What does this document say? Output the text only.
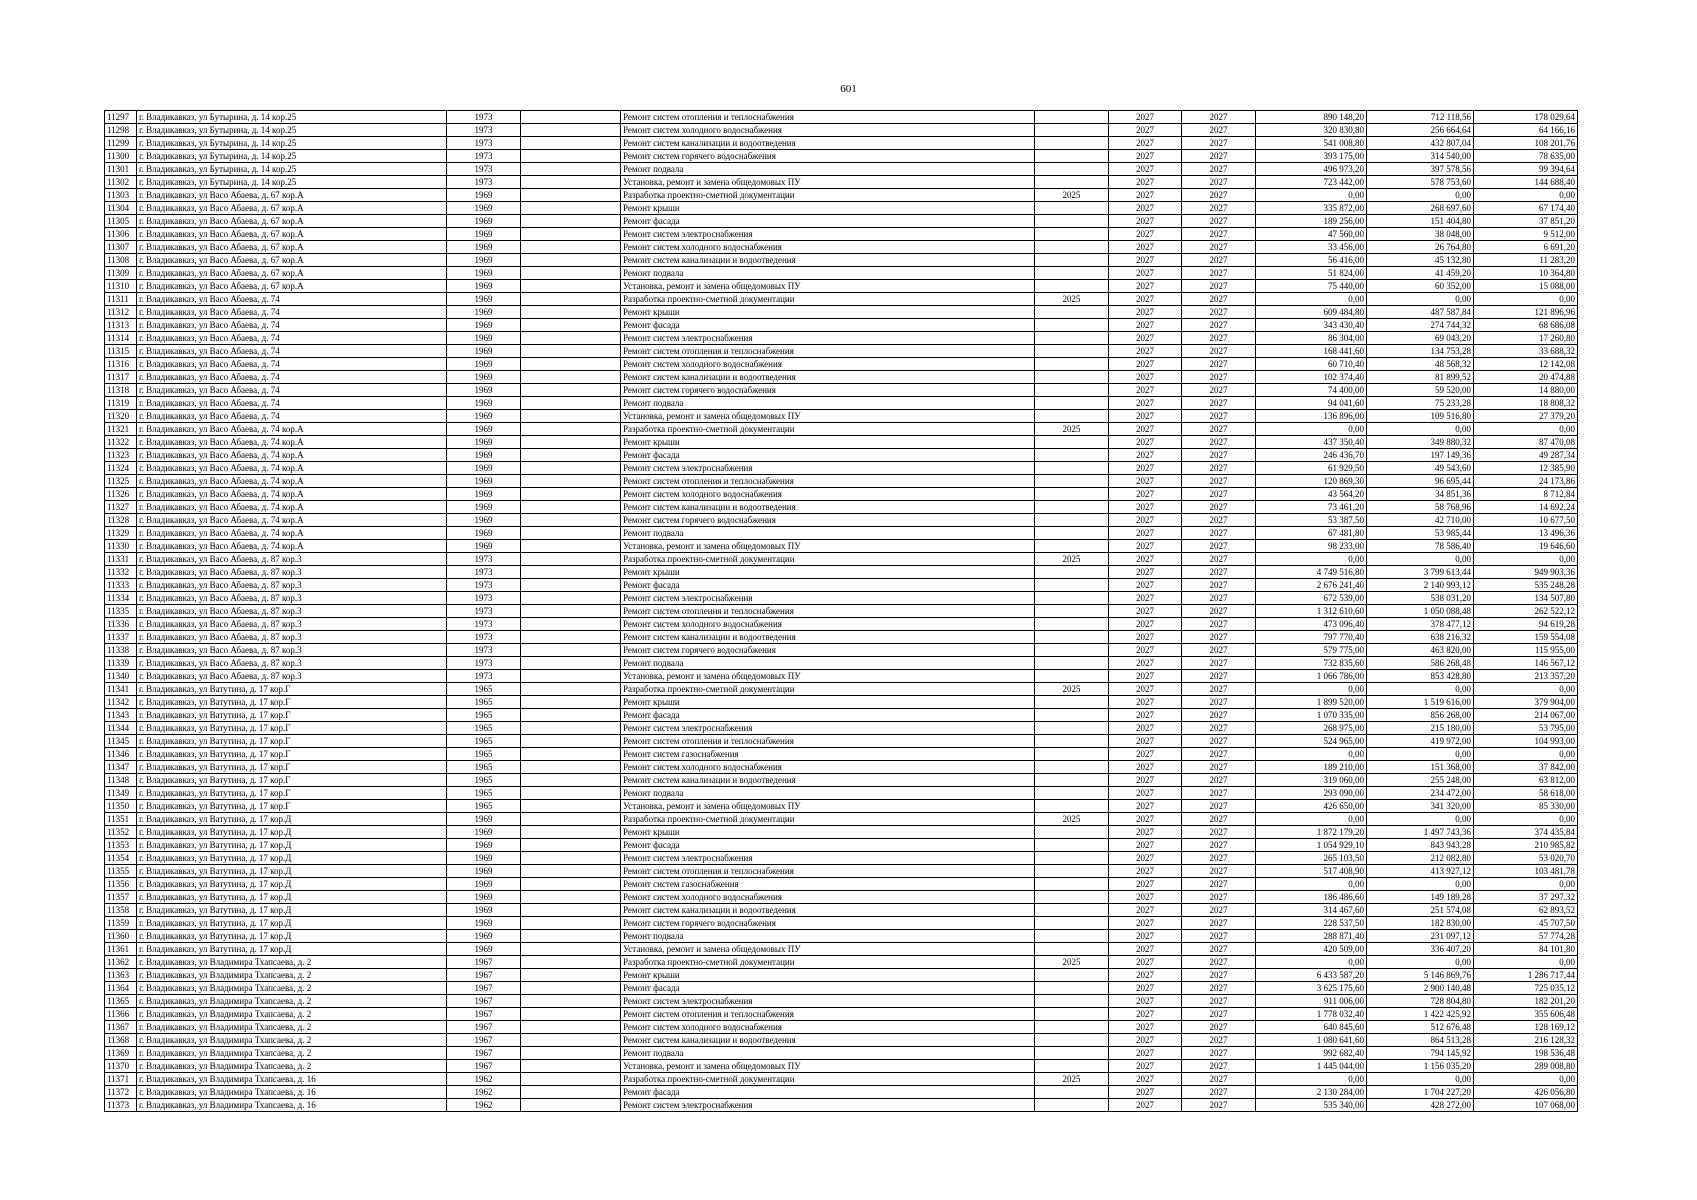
601
11297	г. Владикавказ, ул Бутырина, д. 14 кор.25	1973		Ремонт систем отопления и теплоснабжения		2027	2027	890 148,20	712 118,56	178 029,64
11298	г. Владикавказ, ул Бутырина, д. 14 кор.25	1973		Ремонт систем холодного водоснабжения		2027	2027	320 830,80	256 664,64	64 166,16
11299	г. Владикавказ, ул Бутырина, д. 14 кор.25	1973		Ремонт систем канализации и водоотведения		2027	2027	541 008,80	432 807,04	108 201,76
11300	г. Владикавказ, ул Бутырина, д. 14 кор.25	1973		Ремонт систем горячего водоснабжения		2027	2027	393 175,00	314 540,00	78 635,00
11301	г. Владикавказ, ул Бутырина, д. 14 кор.25	1973		Ремонт подвала		2027	2027	496 973,20	397 578,56	99 394,64
11302	г. Владикавказ, ул Бутырина, д. 14 кор.25	1973		Установка, ремонт и замена общедомовых ПУ		2027	2027	723 442,00	578 753,60	144 688,40
11303	г. Владикавказ, ул Васо Абаева, д. 67 кор.А	1969		Разработка проектно-сметной документации	2025	2027	2027	0,00	0,00	0,00
11304	г. Владикавказ, ул Васо Абаева, д. 67 кор.А	1969		Ремонт крыши		2027	2027	335 872,00	268 697,60	67 174,40
11305	г. Владикавказ, ул Васо Абаева, д. 67 кор.А	1969		Ремонт фасада		2027	2027	189 256,00	151 404,80	37 851,20
11306	г. Владикавказ, ул Васо Абаева, д. 67 кор.А	1969		Ремонт систем электроснабжения		2027	2027	47 560,00	38 048,00	9 512,00
11307	г. Владикавказ, ул Васо Абаева, д. 67 кор.А	1969		Ремонт систем холодного водоснабжения		2027	2027	33 456,00	26 764,80	6 691,20
11308	г. Владикавказ, ул Васо Абаева, д. 67 кор.А	1969		Ремонт систем канализации и водоотведения		2027	2027	56 416,00	45 132,80	11 283,20
11309	г. Владикавказ, ул Васо Абаева, д. 67 кор.А	1969		Ремонт подвала		2027	2027	51 824,00	41 459,20	10 364,80
11310	г. Владикавказ, ул Васо Абаева, д. 67 кор.А	1969		Установка, ремонт и замена общедомовых ПУ		2027	2027	75 440,00	60 352,00	15 088,00
11311	г. Владикавказ, ул Васо Абаева, д. 74	1969		Разработка проектно-сметной документации	2025	2027	2027	0,00	0,00	0,00
11312	г. Владикавказ, ул Васо Абаева, д. 74	1969		Ремонт крыши		2027	2027	609 484,80	487 587,84	121 896,96
11313	г. Владикавказ, ул Васо Абаева, д. 74	1969		Ремонт фасада		2027	2027	343 430,40	274 744,32	68 686,08
11314	г. Владикавказ, ул Васо Абаева, д. 74	1969		Ремонт систем электроснабжения		2027	2027	86 304,00	69 043,20	17 260,80
11315	г. Владикавказ, ул Васо Абаева, д. 74	1969		Ремонт систем отопления и теплоснабжения		2027	2027	168 441,60	134 753,28	33 688,32
11316	г. Владикавказ, ул Васо Абаева, д. 74	1969		Ремонт систем холодного водоснабжения		2027	2027	60 710,40	48 568,32	12 142,08
11317	г. Владикавказ, ул Васо Абаева, д. 74	1969		Ремонт систем канализации и водоотведения		2027	2027	102 374,40	81 899,52	20 474,88
11318	г. Владикавказ, ул Васо Абаева, д. 74	1969		Ремонт систем горячего водоснабжения		2027	2027	74 400,00	59 520,00	14 880,00
11319	г. Владикавказ, ул Васо Абаева, д. 74	1969		Ремонт подвала		2027	2027	94 041,60	75 233,28	18 808,32
11320	г. Владикавказ, ул Васо Абаева, д. 74	1969		Установка, ремонт и замена общедомовых ПУ		2027	2027	136 896,00	109 516,80	27 379,20
11321	г. Владикавказ, ул Васо Абаева, д. 74 кор.А	1969		Разработка проектно-сметной документации	2025	2027	2027	0,00	0,00	0,00
11322	г. Владикавказ, ул Васо Абаева, д. 74 кор.А	1969		Ремонт крыши		2027	2027	437 350,40	349 880,32	87 470,08
11323	г. Владикавказ, ул Васо Абаева, д. 74 кор.А	1969		Ремонт фасада		2027	2027	246 436,70	197 149,36	49 287,34
11324	г. Владикавказ, ул Васо Абаева, д. 74 кор.А	1969		Ремонт систем электроснабжения		2027	2027	61 929,50	49 543,60	12 385,90
11325	г. Владикавказ, ул Васо Абаева, д. 74 кор.А	1969		Ремонт систем отопления и теплоснабжения		2027	2027	120 869,30	96 695,44	24 173,86
11326	г. Владикавказ, ул Васо Абаева, д. 74 кор.А	1969		Ремонт систем холодного водоснабжения		2027	2027	43 564,20	34 851,36	8 712,84
11327	г. Владикавказ, ул Васо Абаева, д. 74 кор.А	1969		Ремонт систем канализации и водоотведения		2027	2027	73 461,20	58 768,96	14 692,24
11328	г. Владикавказ, ул Васо Абаева, д. 74 кор.А	1969		Ремонт систем горячего водоснабжения		2027	2027	53 387,50	42 710,00	10 677,50
11329	г. Владикавказ, ул Васо Абаева, д. 74 кор.А	1969		Ремонт подвала		2027	2027	67 481,80	53 985,44	13 496,36
11330	г. Владикавказ, ул Васо Абаева, д. 74 кор.А	1969		Установка, ремонт и замена общедомовых ПУ		2027	2027	98 233,00	78 586,40	19 646,60
11331	г. Владикавказ, ул Васо Абаева, д. 87 кор.3	1973		Разработка проектно-сметной документации	2025	2027	2027	0,00	0,00	0,00
11332	г. Владикавказ, ул Васо Абаева, д. 87 кор.3	1973		Ремонт крыши		2027	2027	4 749 516,80	3 799 613,44	949 903,36
11333	г. Владикавказ, ул Васо Абаева, д. 87 кор.3	1973		Ремонт фасада		2027	2027	2 676 241,40	2 140 993,12	535 248,28
11334	г. Владикавказ, ул Васо Абаева, д. 87 кор.3	1973		Ремонт систем электроснабжения		2027	2027	672 539,00	538 031,20	134 507,80
11335	г. Владикавказ, ул Васо Абаева, д. 87 кор.3	1973		Ремонт систем отопления и теплоснабжения		2027	2027	1 312 610,60	1 050 088,48	262 522,12
11336	г. Владикавказ, ул Васо Абаева, д. 87 кор.3	1973		Ремонт систем холодного водоснабжения		2027	2027	473 096,40	378 477,12	94 619,28
11337	г. Владикавказ, ул Васо Абаева, д. 87 кор.3	1973		Ремонт систем канализации и водоотведения		2027	2027	797 770,40	638 216,32	159 554,08
11338	г. Владикавказ, ул Васо Абаева, д. 87 кор.3	1973		Ремонт систем горячего водоснабжения		2027	2027	579 775,00	463 820,00	115 955,00
11339	г. Владикавказ, ул Васо Абаева, д. 87 кор.3	1973		Ремонт подвала		2027	2027	732 835,60	586 268,48	146 567,12
11340	г. Владикавказ, ул Васо Абаева, д. 87 кор.3	1973		Установка, ремонт и замена общедомовых ПУ		2027	2027	1 066 786,00	853 428,80	213 357,20
11341	г. Владикавказ, ул Ватутина, д. 17 кор.Г	1965		Разработка проектно-сметной документации	2025	2027	2027	0,00	0,00	0,00
11342	г. Владикавказ, ул Ватутина, д. 17 кор.Г	1965		Ремонт крыши		2027	2027	1 899 520,00	1 519 616,00	379 904,00
11343	г. Владикавказ, ул Ватутина, д. 17 кор.Г	1965		Ремонт фасада		2027	2027	1 070 335,00	856 268,00	214 067,00
11344	г. Владикавказ, ул Ватутина, д. 17 кор.Г	1965		Ремонт систем электроснабжения		2027	2027	268 975,00	215 180,00	53 795,00
11345	г. Владикавказ, ул Ватутина, д. 17 кор.Г	1965		Ремонт систем отопления и теплоснабжения		2027	2027	524 965,00	419 972,00	104 993,00
11346	г. Владикавказ, ул Ватутина, д. 17 кор.Г	1965		Ремонт систем газоснабжения		2027	2027	0,00	0,00	0,00
11347	г. Владикавказ, ул Ватутина, д. 17 кор.Г	1965		Ремонт систем холодного водоснабжения		2027	2027	189 210,00	151 368,00	37 842,00
11348	г. Владикавказ, ул Ватутина, д. 17 кор.Г	1965		Ремонт систем канализации и водоотведения		2027	2027	319 060,00	255 248,00	63 812,00
11349	г. Владикавказ, ул Ватутина, д. 17 кор.Г	1965		Ремонт подвала		2027	2027	293 090,00	234 472,00	58 618,00
11350	г. Владикавказ, ул Ватутина, д. 17 кор.Г	1965		Установка, ремонт и замена общедомовых ПУ		2027	2027	426 650,00	341 320,00	85 330,00
11351	г. Владикавказ, ул Ватутина, д. 17 кор.Д	1969		Разработка проектно-сметной документации	2025	2027	2027	0,00	0,00	0,00
11352	г. Владикавказ, ул Ватутина, д. 17 кор.Д	1969		Ремонт крыши		2027	2027	1 872 179,20	1 497 743,36	374 435,84
11353	г. Владикавказ, ул Ватутина, д. 17 кор.Д	1969		Ремонт фасада		2027	2027	1 054 929,10	843 943,28	210 985,82
11354	г. Владикавказ, ул Ватутина, д. 17 кор.Д	1969		Ремонт систем электроснабжения		2027	2027	265 103,50	212 082,80	53 020,70
11355	г. Владикавказ, ул Ватутина, д. 17 кор.Д	1969		Ремонт систем отопления и теплоснабжения		2027	2027	517 408,90	413 927,12	103 481,78
11356	г. Владикавказ, ул Ватутина, д. 17 кор.Д	1969		Ремонт систем газоснабжения		2027	2027	0,00	0,00	0,00
11357	г. Владикавказ, ул Ватутина, д. 17 кор.Д	1969		Ремонт систем холодного водоснабжения		2027	2027	186 486,60	149 189,28	37 297,32
11358	г. Владикавказ, ул Ватутина, д. 17 кор.Д	1969		Ремонт систем канализации и водоотведения		2027	2027	314 467,60	251 574,08	62 893,52
11359	г. Владикавказ, ул Ватутина, д. 17 кор.Д	1969		Ремонт систем горячего водоснабжения		2027	2027	228 537,50	182 830,00	45 707,50
11360	г. Владикавказ, ул Ватутина, д. 17 кор.Д	1969		Ремонт подвала		2027	2027	288 871,40	231 097,12	57 774,28
11361	г. Владикавказ, ул Ватутина, д. 17 кор.Д	1969		Установка, ремонт и замена общедомовых ПУ		2027	2027	420 509,00	336 407,20	84 101,80
11362	г. Владикавказ, ул Владимира Тхапсаева, д. 2	1967		Разработка проектно-сметной документации	2025	2027	2027	0,00	0,00	0,00
11363	г. Владикавказ, ул Владимира Тхапсаева, д. 2	1967		Ремонт крыши		2027	2027	6 433 587,20	5 146 869,76	1 286 717,44
11364	г. Владикавказ, ул Владимира Тхапсаева, д. 2	1967		Ремонт фасада		2027	2027	3 625 175,60	2 900 140,48	725 035,12
11365	г. Владикавказ, ул Владимира Тхапсаева, д. 2	1967		Ремонт систем электроснабжения		2027	2027	911 006,00	728 804,80	182 201,20
11366	г. Владикавказ, ул Владимира Тхапсаева, д. 2	1967		Ремонт систем отопления и теплоснабжения		2027	2027	1 778 032,40	1 422 425,92	355 606,48
11367	г. Владикавказ, ул Владимира Тхапсаева, д. 2	1967		Ремонт систем холодного водоснабжения		2027	2027	640 845,60	512 676,48	128 169,12
11368	г. Владикавказ, ул Владимира Тхапсаева, д. 2	1967		Ремонт систем канализации и водоотведения		2027	2027	1 080 641,60	864 513,28	216 128,32
11369	г. Владикавказ, ул Владимира Тхапсаева, д. 2	1967		Ремонт подвала		2027	2027	992 682,40	794 145,92	198 536,48
11370	г. Владикавказ, ул Владимира Тхапсаева, д. 2	1967		Установка, ремонт и замена общедомовых ПУ		2027	2027	1 445 044,00	1 156 035,20	289 008,80
11371	г. Владикавказ, ул Владимира Тхапсаева, д. 16	1962		Разработка проектно-сметной документации	2025	2027	2027	0,00	0,00	0,00
11372	г. Владикавказ, ул Владимира Тхапсаева, д. 16	1962		Ремонт фасада		2027	2027	2 130 284,00	1 704 227,20	426 056,80
11373	г. Владикавказ, ул Владимира Тхапсаева, д. 16	1962		Ремонт систем электроснабжения		2027	2027	535 340,00	428 272,00	107 068,00
